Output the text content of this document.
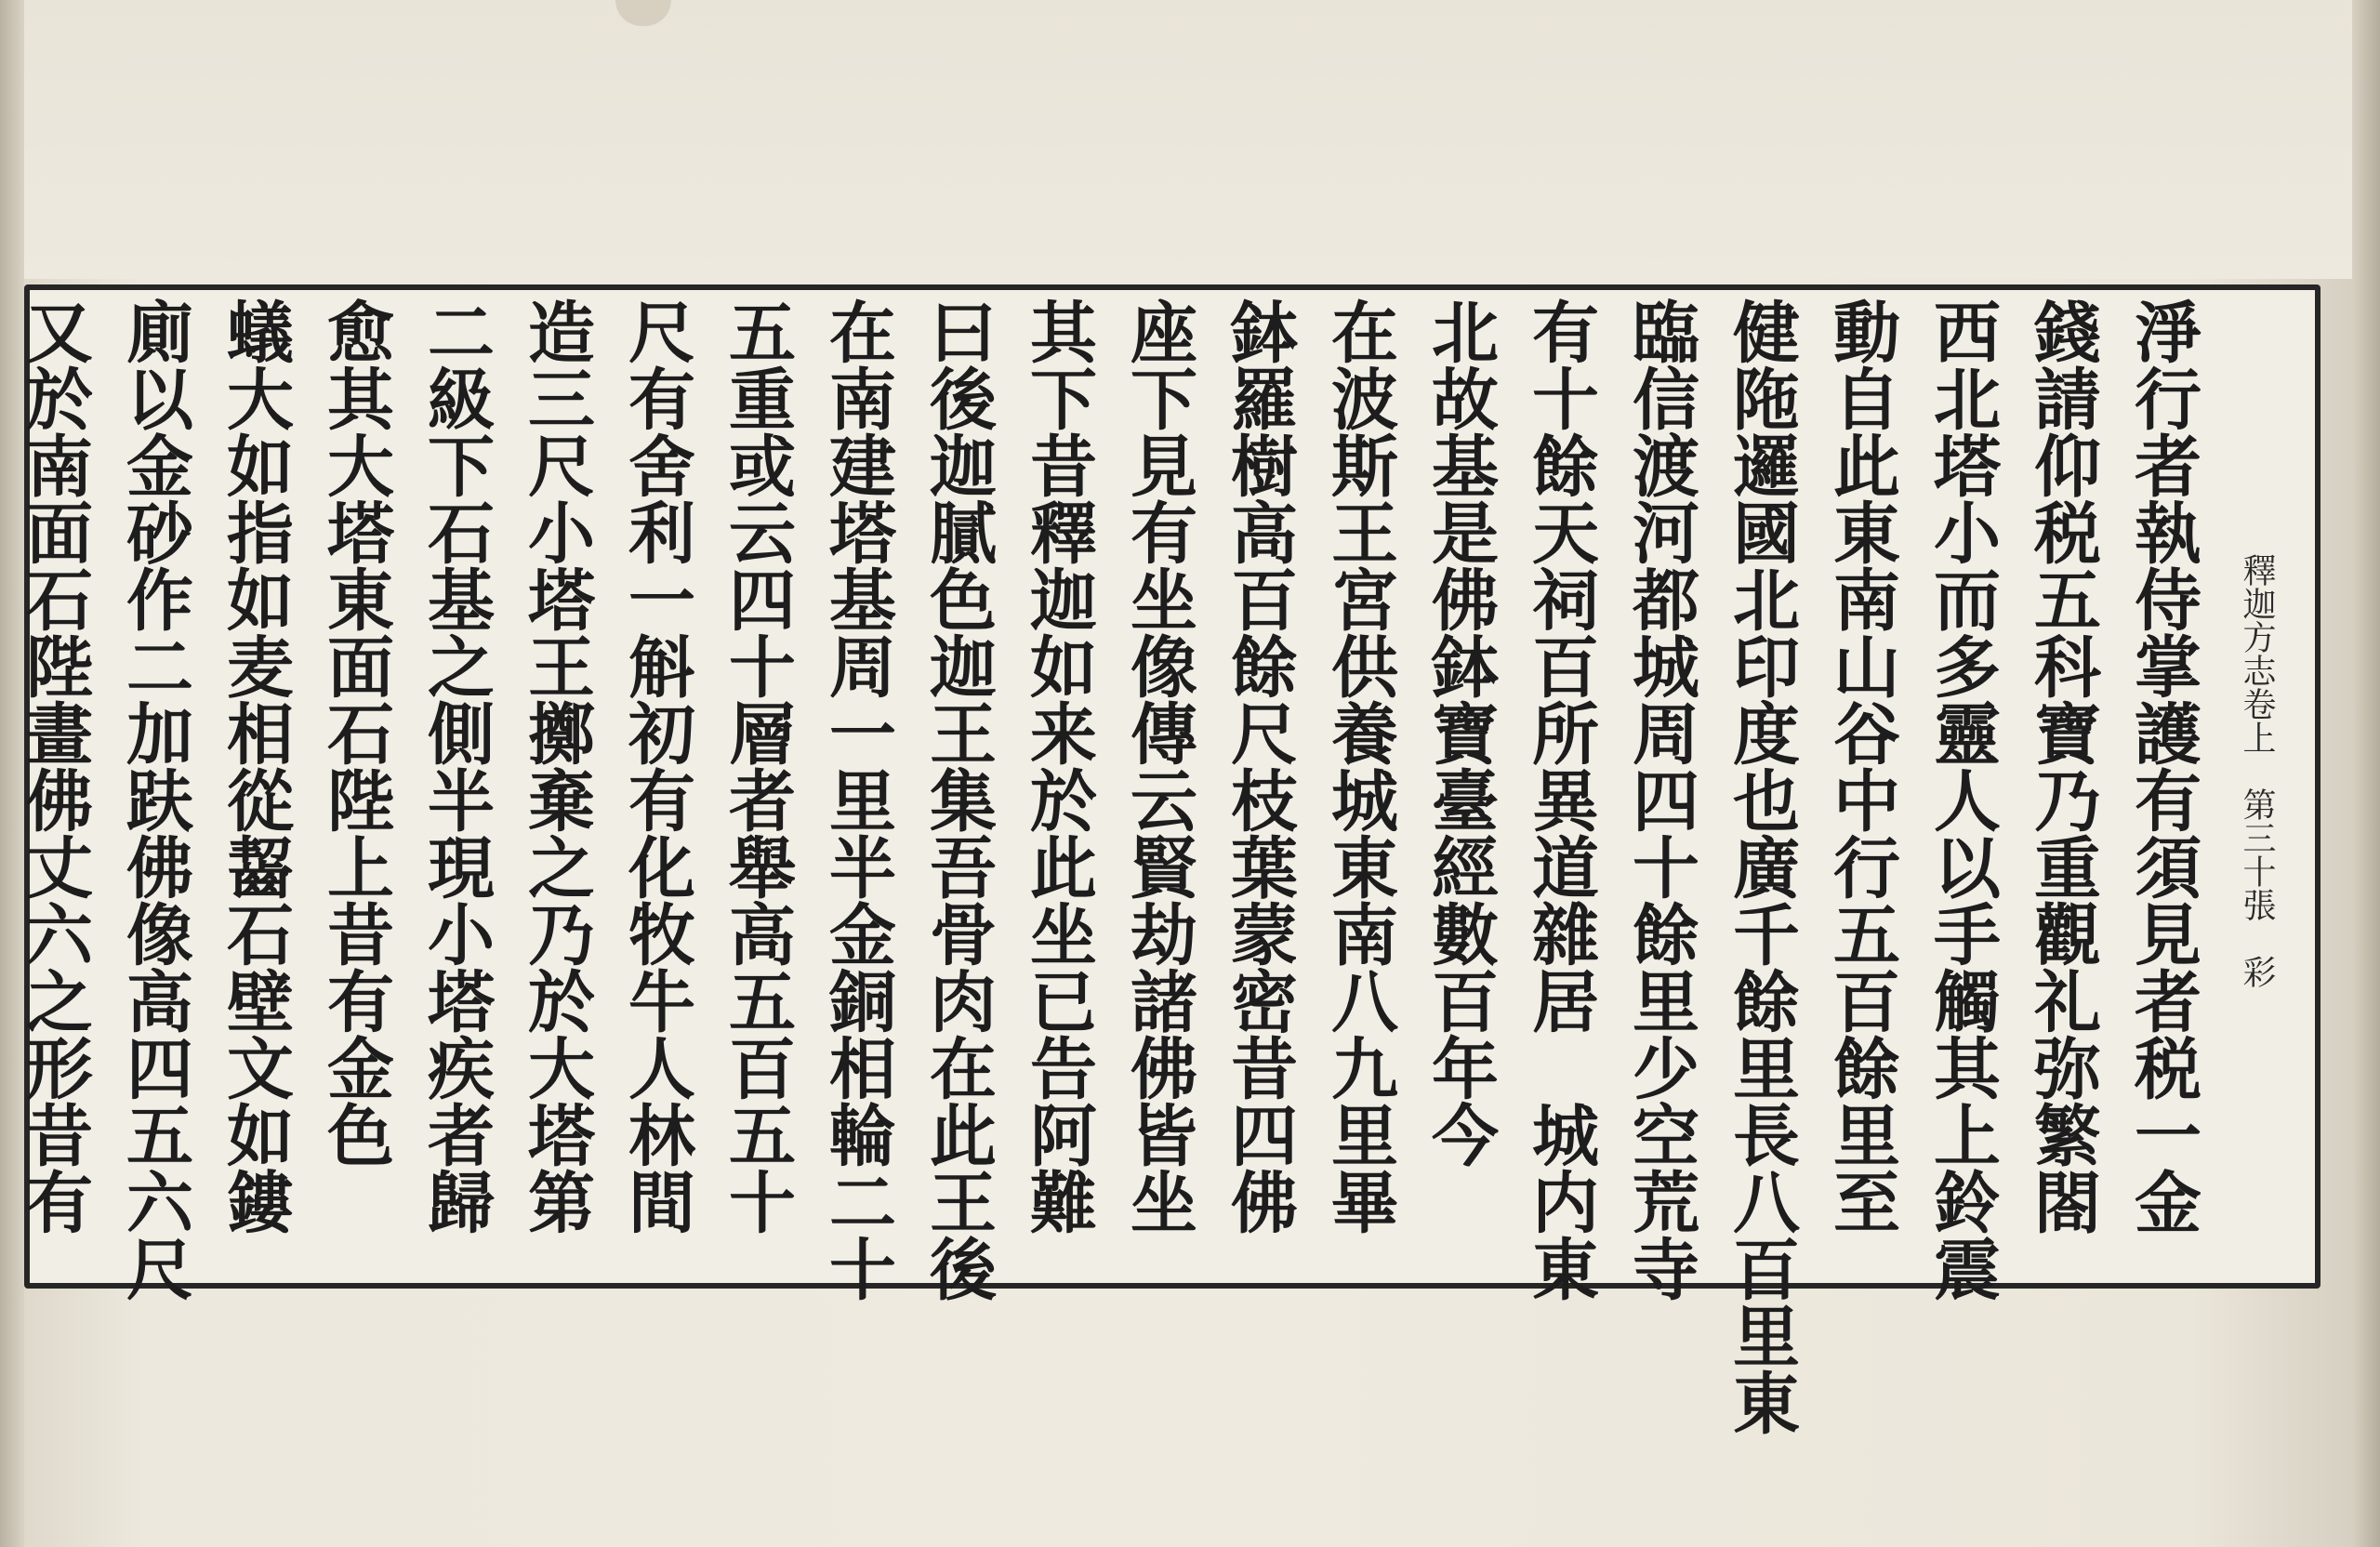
釋迦方志卷上　第三十張　彩
淨行者執侍掌護有須見者税一金
錢請仰税五科寶乃重觀礼弥繁閤
西北塔小而多靈人以手觸其上鈴震
動自此東南山谷中行五百餘里至
健陁邏國北印度也廣千餘里長八百里東
臨信渡河都城周四十餘里少空荒寺
有十餘天祠百所異道雜居　城内東
北故基是佛鉢寶臺經數百年今
在波斯王宮供養城東南八九里畢
鉢羅樹高百餘尺枝葉蒙密昔四佛
座下見有坐像傳云賢劫諸佛皆坐
其下昔釋迦如来於此坐已告阿難
曰後迦膩色迦王集吾骨肉在此王後
在南建塔基周一里半金銅相輪二十
五重或云四十層者舉高五百五十
尺有舍利一斛初有化牧牛人林間
造三尺小塔王擲棄之乃於大塔第
二級下石基之側半現小塔疾者歸
愈其大塔東面石陛上昔有金色
蟻大如指如麦相從齧石壁文如鏤
廁以金砂作二加趺佛像高四五六尺
又於南面石陛畫佛丈六之形昔有
